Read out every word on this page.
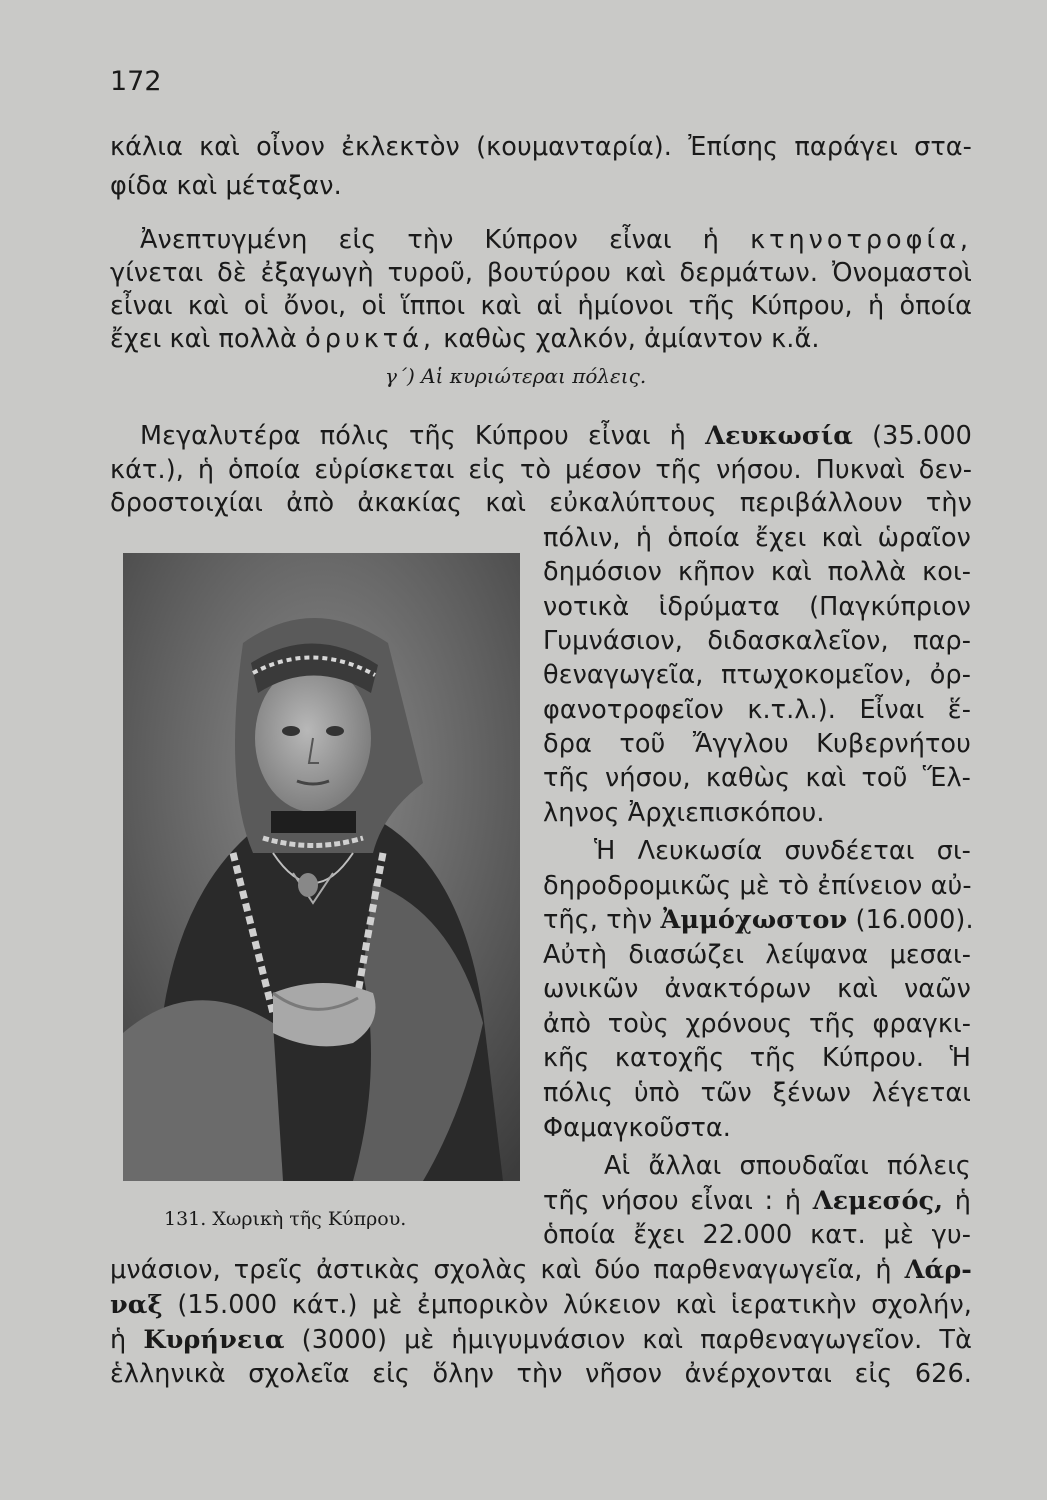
172
κάλια καὶ οἶνον ἐκλεκτὸν (κουμανταρία). Ἐπίσης παράγει στα-
φίδα καὶ μέταξαν.
Ἀνεπτυγμένη εἰς τὴν Κύπρον εἶναι ἡ κτηνοτροφία,
γίνεται δὲ ἐξαγωγὴ τυροῦ, βουτύρου καὶ δερμάτων. Ὀνομαστοὶ
εἶναι καὶ οἱ ὄνοι, οἱ ἵπποι καὶ αἱ ἡμίονοι τῆς Κύπρου, ἡ ὁποία
ἔχει καὶ πολλὰ ὀρυκτά, καθὼς χαλκόν, ἀμίαντον κ.ἄ.
γ΄) Αἱ κυριώτεραι πόλεις.
Μεγαλυτέρα πόλις τῆς Κύπρου εἶναι ἡ Λευκωσία (35.000
κάτ.), ἡ ὁποία εὑρίσκεται εἰς τὸ μέσον τῆς νήσου. Πυκναὶ δεν-
δροστοιχίαι ἀπὸ ἀκακίας καὶ εὐκαλύπτους περιβάλλουν τὴν
πόλιν, ἡ ὁποία ἔχει καὶ ὡραῖον
δημόσιον κῆπον καὶ πολλὰ κοι-
νοτικὰ ἱδρύματα (Παγκύπριον
Γυμνάσιον, διδασκαλεῖον, παρ-
θεναγωγεῖα, πτωχοκομεῖον, ὀρ-
φανοτροφεῖον κ.τ.λ.). Εἶναι ἕ-
δρα τοῦ Ἄγγλου Κυβερνήτου
τῆς νήσου, καθὼς καὶ τοῦ Ἕλ-
ληνος Ἀρχιεπισκόπου.
Ἡ Λευκωσία συνδέεται σι-
δηροδρομικῶς μὲ τὸ ἐπίνειον αὐ-
τῆς, τὴν Ἀμμόχωστον (16.000).
Αὐτὴ διασώζει λείψανα μεσαι-
ωνικῶν ἀνακτόρων καὶ ναῶν
ἀπὸ τοὺς χρόνους τῆς φραγκι-
κῆς κατοχῆς τῆς Κύπρου. Ἡ
πόλις ὑπὸ τῶν ξένων λέγεται
Φαμαγκοῦστα.
Αἱ ἄλλαι σπουδαῖαι πόλεις
τῆς νήσου εἶναι : ἡ Λεμεσός, ἡ
ὁποία ἔχει 22.000 κατ. μὲ γυ-
μνάσιον, τρεῖς ἀστικὰς σχολὰς καὶ δύο παρθεναγωγεῖα, ἡ Λάρ-
ναξ (15.000 κάτ.) μὲ ἐμπορικὸν λύκειον καὶ ἱερατικὴν σχολήν,
ἡ Κυρήνεια (3000) μὲ ἡμιγυμνάσιον καὶ παρθεναγωγεῖον. Τὰ
ἑλληνικὰ σχολεῖα εἰς ὅλην τὴν νῆσον ἀνέρχονται εἰς 626.
131. Χωρικὴ τῆς Κύπρου.
